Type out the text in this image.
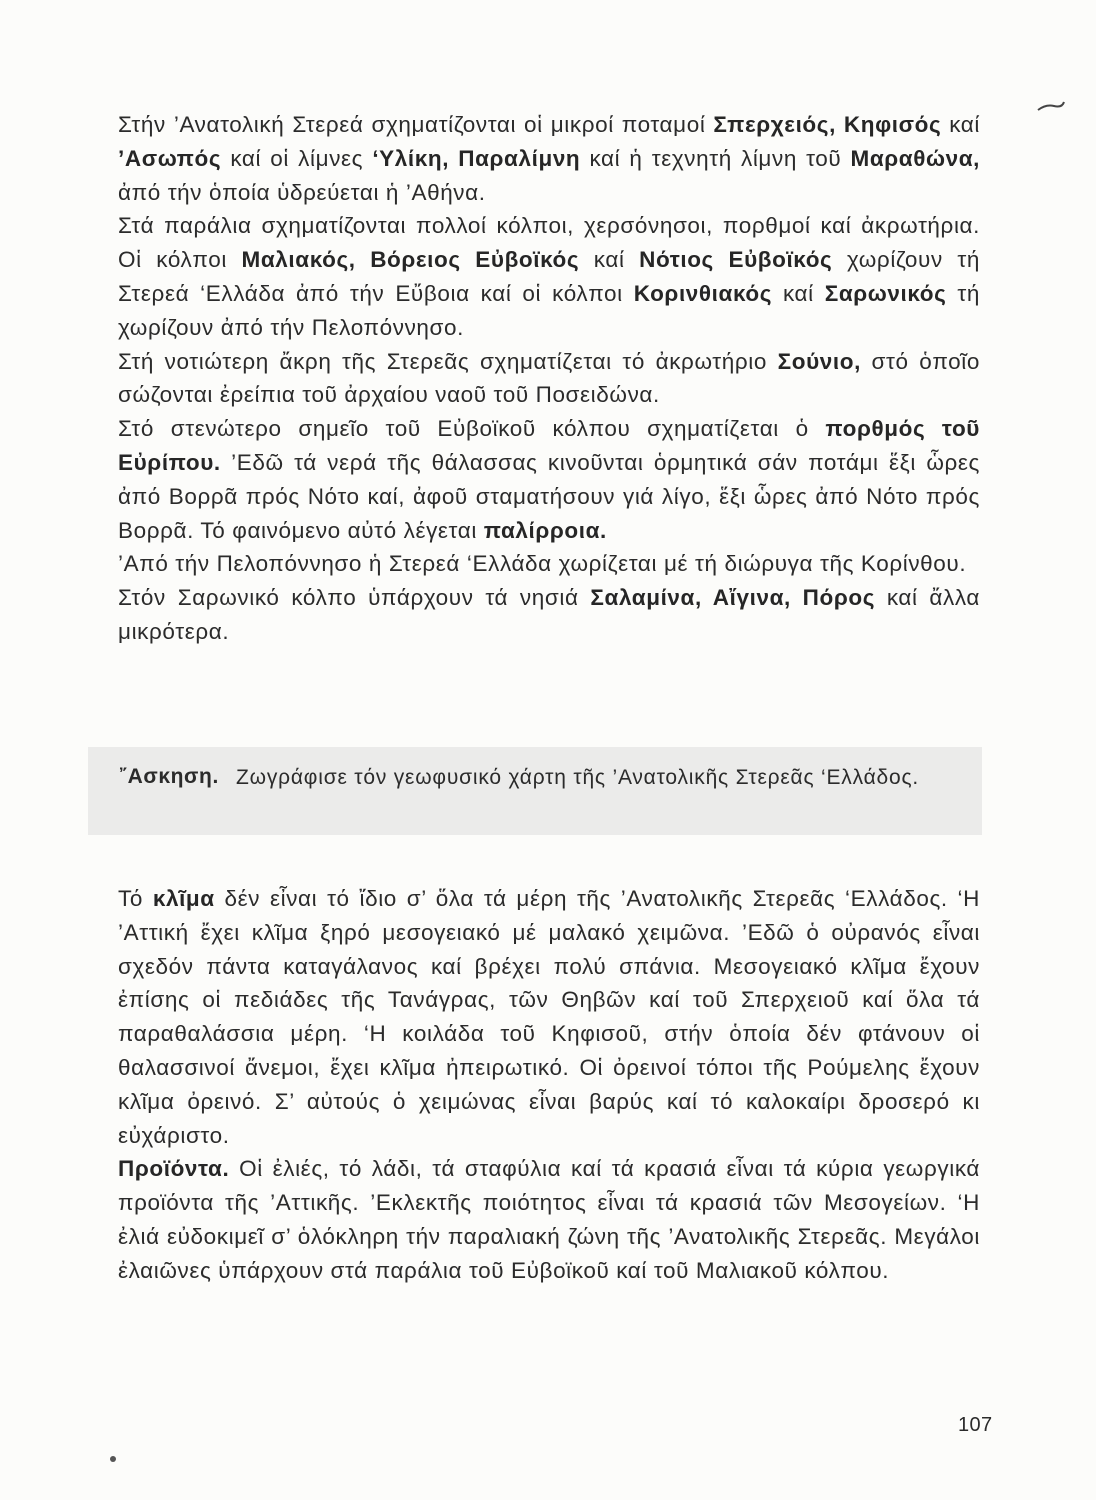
Στήν ’Ανατολική Στερεά σχηματίζονται οἱ μικροί ποταμοί Σπερχειός, Κηφισός καί ’Ασωπός καί οἱ λίμνες ‘Υλίκη, Παραλίμνη καί ἡ τεχνητή λίμνη τοῦ Μαραθώνα, ἀπό τήν ὁποία ὑδρεύεται ἡ ’Αθήνα.

Στά παράλια σχηματίζονται πολλοί κόλποι, χερσόνησοι, πορθμοί καί ἀκρωτήρια. Οἱ κόλποι Μαλιακός, Βόρειος Εὐβοϊκός καί Νότιος Εὐβοϊκός χωρίζουν τή Στερεά ‘Ελλάδα ἀπό τήν Εὔβοια καί οἱ κόλποι Κορινθιακός καί Σαρωνικός τή χωρίζουν ἀπό τήν Πελοπόννησο.

Στή νοτιώτερη ἄκρη τῆς Στερεᾶς σχηματίζεται τό ἀκρωτήριο Σούνιο, στό ὁποῖο σώζονται ἐρείπια τοῦ ἀρχαίου ναοῦ τοῦ Ποσειδώνα.

Στό στενώτερο σημεῖο τοῦ Εὐβοϊκοῦ κόλπου σχηματίζεται ὁ πορθμός τοῦ Εὐρίπου. ’Εδῶ τά νερά τῆς θάλασσας κινοῦνται ὁρμητικά σάν ποτάμι ἕξι ὧρες ἀπό Βορρᾶ πρός Νότο καί, ἀφοῦ σταματήσουν γιά λίγο, ἕξι ὧρες ἀπό Νότο πρός Βορρᾶ. Τό φαινόμενο αὐτό λέγεται παλίρροια.

’Από τήν Πελοπόννησο ἡ Στερεά ‘Ελλάδα χωρίζεται μέ τή διώρυγα τῆς Κορίνθου.

Στόν Σαρωνικό κόλπο ὑπάρχουν τά νησιά Σαλαμίνα, Αἴγινα, Πόρος καί ἄλλα μικρότερα.

῎Ασκηση. Ζωγράφισε τόν γεωφυσικό χάρτη τῆς ’Ανατολικῆς Στερεᾶς ‘Ελλάδος.

Τό κλῖμα δέν εἶναι τό ἴδιο σ’ ὅλα τά μέρη τῆς ’Ανατολικῆς Στερεᾶς ‘Ελλάδος. ‘Η ’Αττική ἔχει κλῖμα ξηρό μεσογειακό μέ μαλακό χειμῶνα. ’Εδῶ ὁ οὐρανός εἶναι σχεδόν πάντα καταγάλανος καί βρέχει πολύ σπάνια. Μεσογειακό κλῖμα ἔχουν ἐπίσης οἱ πεδιάδες τῆς Τανάγρας, τῶν Θηβῶν καί τοῦ Σπερχειοῦ καί ὅλα τά παραθαλάσσια μέρη. ‘Η κοιλάδα τοῦ Κηφισοῦ, στήν ὁποία δέν φτάνουν οἱ θαλασσινοί ἄνεμοι, ἔχει κλῖμα ἠπειρωτικό. Οἱ ὀρεινοί τόποι τῆς Ρούμελης ἔχουν κλῖμα ὀρεινό. Σ’ αὐτούς ὁ χειμώνας εἶναι βαρύς καί τό καλοκαίρι δροσερό κι εὐχάριστο.

Προϊόντα. Οἱ ἐλιές, τό λάδι, τά σταφύλια καί τά κρασιά εἶναι τά κύρια γεωργικά προϊόντα τῆς ’Αττικῆς. ’Εκλεκτῆς ποιότητος εἶναι τά κρασιά τῶν Μεσογείων. ‘Η ἐλιά εὐδοκιμεῖ σ’ ὁλόκληρη τήν παραλιακή ζώνη τῆς ’Ανατολικῆς Στερεᾶς. Μεγάλοι ἐλαιῶνες ὑπάρχουν στά παράλια τοῦ Εὐβοϊκοῦ καί τοῦ Μαλιακοῦ κόλπου.

107
